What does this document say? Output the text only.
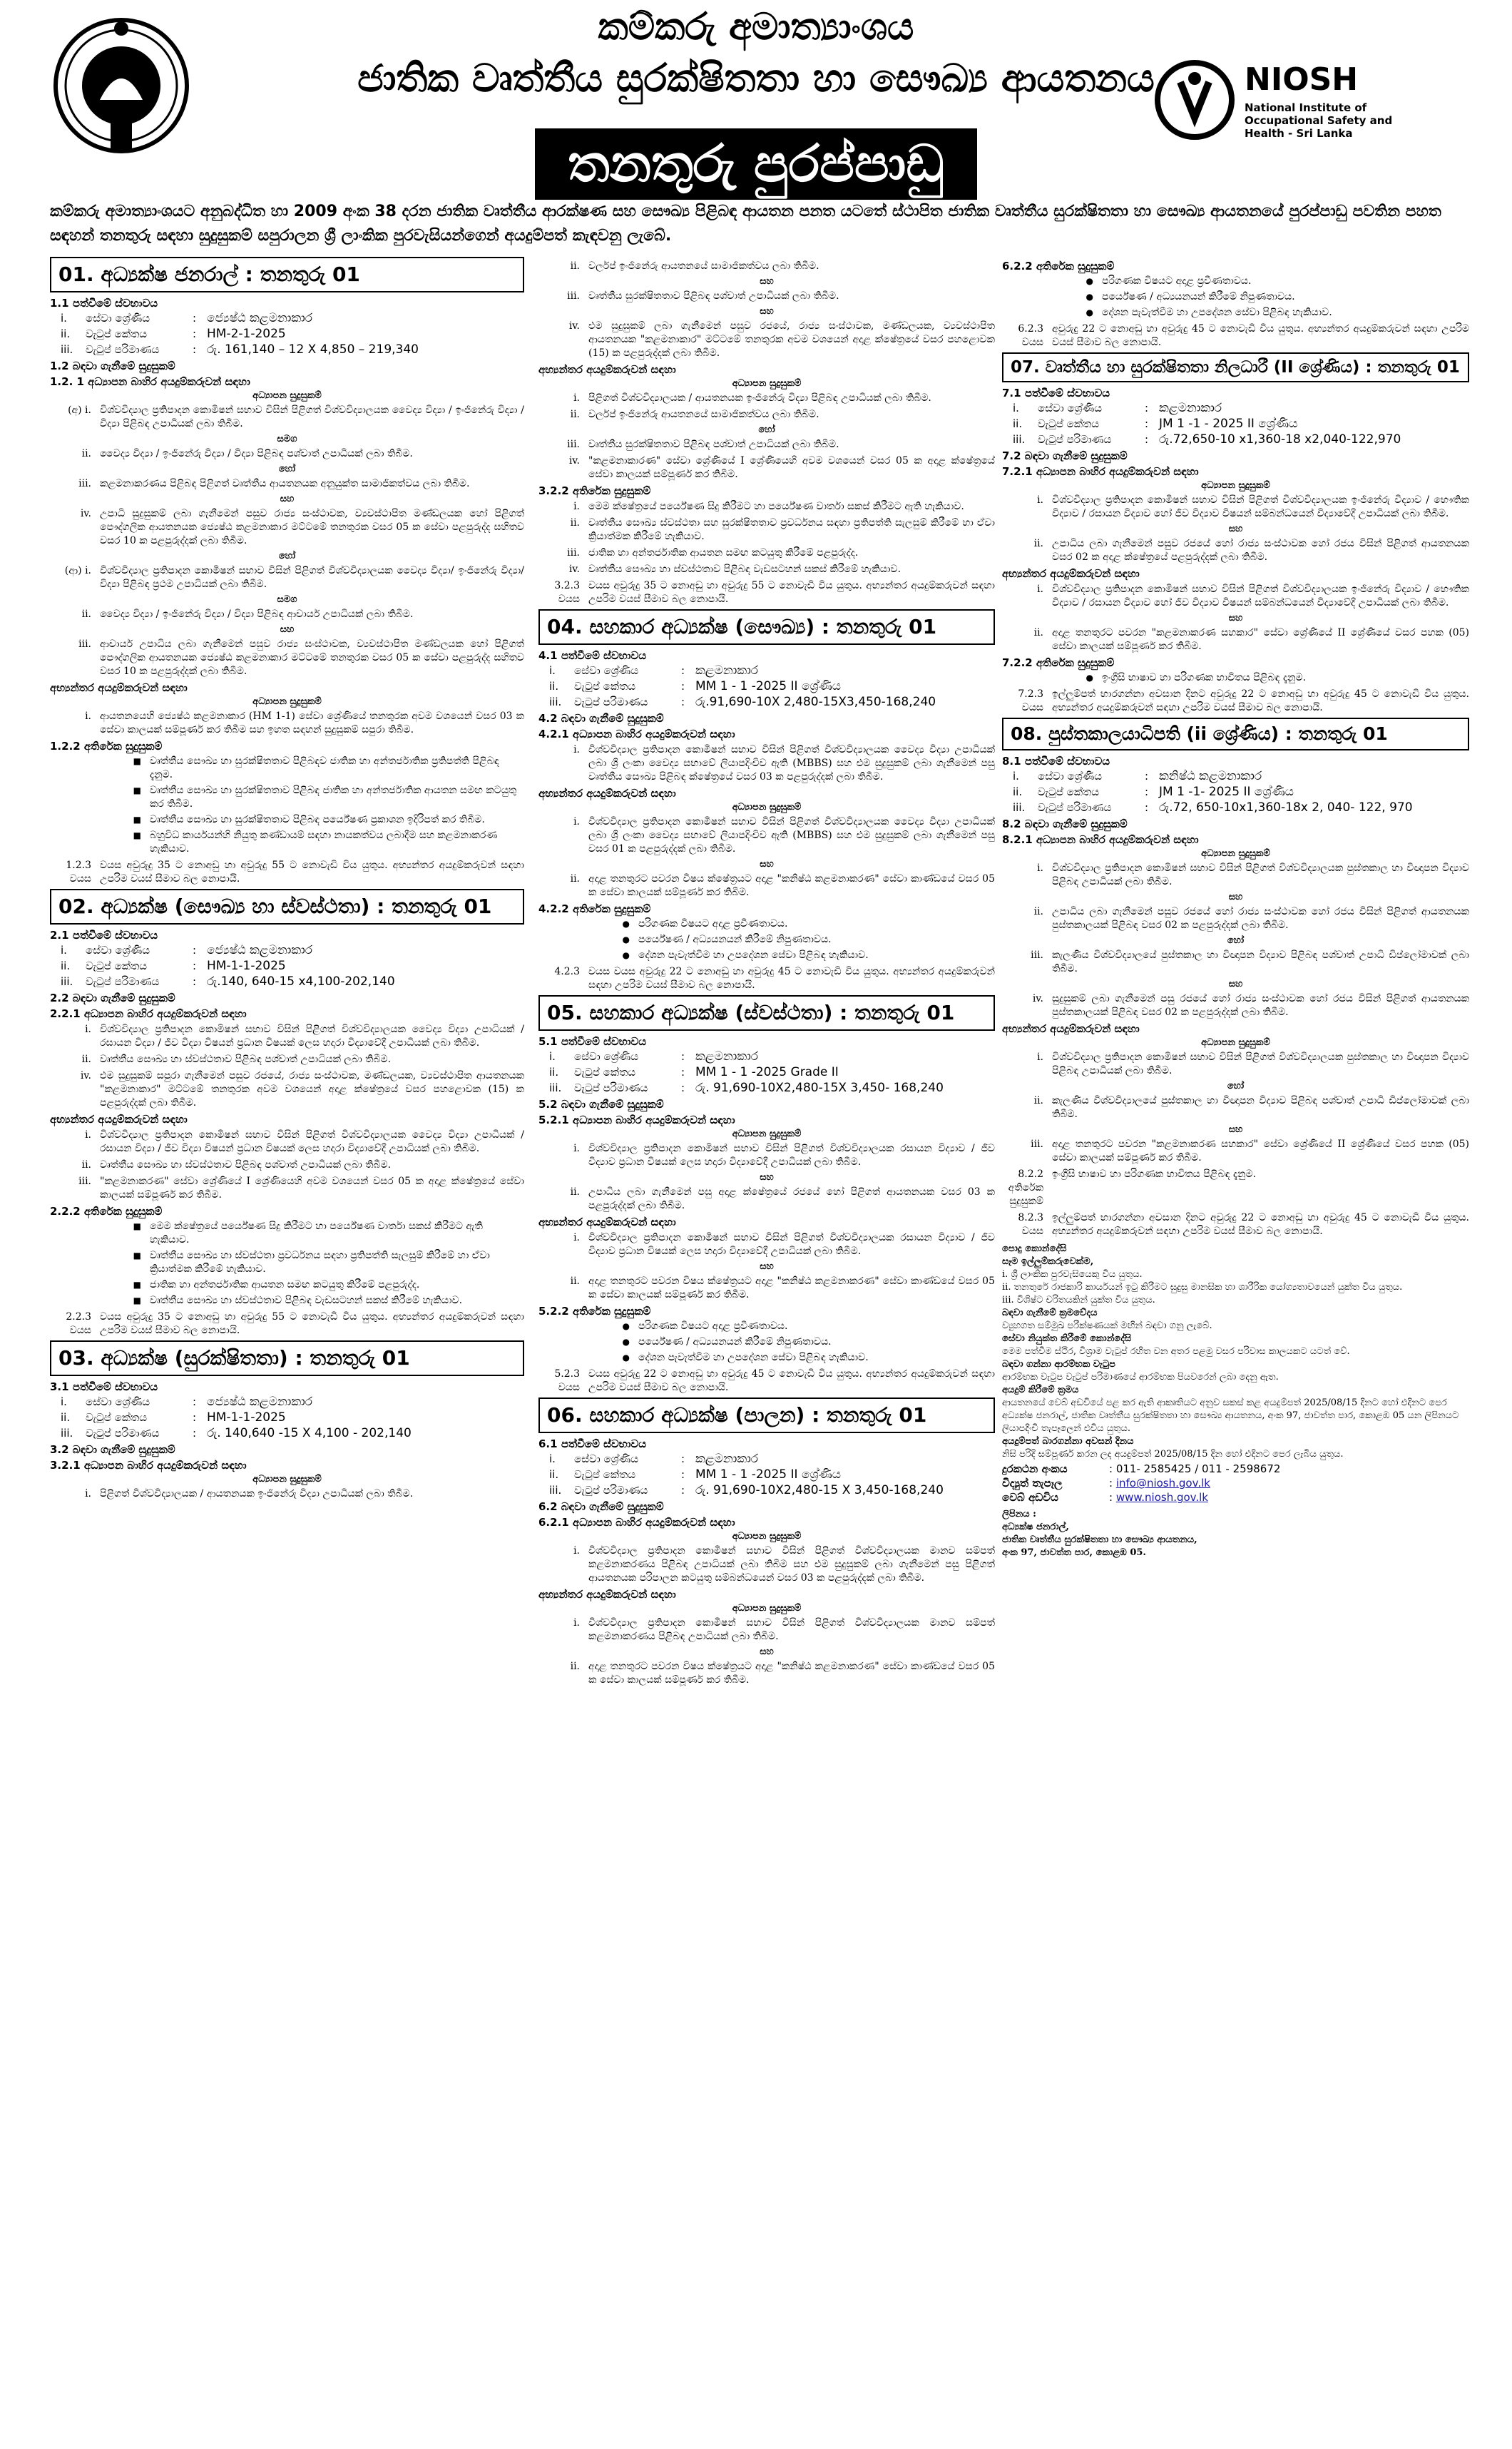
කම්කරු අමාත්‍යාංශය
ජාතික වෘත්තීය සුරක්ෂිතතා හා සෞඛ්‍ය ආයතනය
තනතුරු පුරප්පාඩු
NIOSH
National Institute of
Occupational Safety and
Health - Sri Lanka
කම්කරු අමාත්‍යාංශයට අනුබද්ධිත හා 2009 අංක 38 දරන ජාතික වෘත්තීය ආරක්ෂණ සහ සෞඛ්‍ය පිළිබඳ ආයතන පනත යටතේ ස්ථාපිත ජාතික වෘත්තීය සුරක්ෂිතතා හා සෞඛ්‍ය ආයතනයේ පුරප්පාඩු පවතින පහත සඳහන් තනතුරු සඳහා සුදුසුකම් සපුරාලන ශ්‍රී ලාංකික පුරවැසියන්ගෙන් අයදුම්පත් කැඳවනු ලැබේ.
01. අධ්‍යක්ෂ ජනරාල් : තනතුරු 01
1.1 පත්වීමේ ස්වභාවය
i.	සේවා ශ්‍රේණිය	: ජ්‍යෙෂ්ඨ කළමනාකාර
ii.	වැටුප් කේතය	: HM-2-1-2025
iii.	වැටුප් පරිමාණය	: රු. 161,140 – 12 X 4,850 – 219,340
1.2 බඳවා ගැනීමේ සුදුසුකම්
1.2. 1 අධ්‍යාපන බාහිර අයදුම්කරුවන් සඳහා
අධ්‍යාපන සුදුසුකම්
(අ) i. විශ්වවිද්‍යාල ප්‍රතිපාදන කොමිෂන් සභාව විසින් පිළිගත් විශ්වවිද්‍යාලයක වෛද්‍ය විද්‍යා / ඉංජිනේරු විද්‍යා / විද්‍යා පිළිබඳ උපාධියක් ලබා තිබීම.
සමග
ii. වෛද්‍ය විද්‍යා / ඉංජිනේරු විද්‍යා / විද්‍යා පිළිබඳ පශ්චාත් උපාධියක් ලබා තිබීම.
හෝ
iii. කළමනාකරණය පිළිබඳ පිළිගත් වෘත්තීය ආයතනයක අනුයුක්ත සාමාජිකත්වය ලබා තිබීම.
සහ
iv. උපාධි සුදුසුකම් ලබා ගැනීමෙන් පසුව රාජ්‍ය සංස්ථාවක, ව්‍යවස්ථාපිත මණ්ඩලයක හෝ පිළිගත් පෞද්ගලික ආයතනයක ජ්‍යෙෂ්ඨ කළමනාකාර මට්ටමේ තනතුරක වසර 05 ක සේවා පළපුරුද්ද සහිතව වසර 10 ක පළපුරුද්දක් ලබා තිබීම.
හෝ
(ආ) i. විශ්වවිද්‍යාල ප්‍රතිපාදන කොමිෂන් සභාව විසින් පිළිගත් විශ්වවිද්‍යාලයක වෛද්‍ය විද්‍යා/ ඉංජිනේරු විද්‍යා/ විද්‍යා පිළිබඳ ප්‍රථම උපාධියක් ලබා තිබීම.
සමග
ii. වෛද්‍ය විද්‍යා / ඉංජිනේරු විද්‍යා / විද්‍යා පිළිබඳ ආචාර්ය උපාධියක් ලබා තිබීම.
සහ
iii. ආචාර්ය උපාධිය ලබා ගැනීමෙන් පසුව රාජ්‍ය සංස්ථාවක, ව්‍යවස්ථාපිත මණ්ඩලයක හෝ පිළිගත් පෞද්ගලික ආයතනයක ජ්‍යෙෂ්ඨ කළමනාකාර මට්ටමේ තනතුරක වසර 05 ක සේවා පළපුරුද්ද සහිතව වසර 10 ක පළපුරුද්දක් ලබා තිබීම.
අභ්‍යන්තර අයදුම්කරුවන් සඳහා
අධ්‍යාපන සුදුසුකම්
i. ආයතනයෙහි ජ්‍යෙෂ්ඨ කළමනාකාර (HM 1-1) සේවා ශ්‍රේණියේ තනතුරක අවම වශයෙන් වසර 03 ක සේවා කාලයක් සම්පූර්ණ කර තිබීම සහ ඉහත සඳහන් සුදුසුකම් සපුරා තිබීම.
1.2.2 අතිරේක සුදුසුකම්
■ වෘත්තීය සෞඛ්‍ය හා සුරක්ෂිතතාව පිළිබඳව ජාතික හා අන්තර්ජාතික ප්‍රතිපත්ති පිළිබඳ දැනුම.
■ වෘත්තීය සෞඛ්‍ය හා සුරක්ෂිතතාව පිළිබඳ ජාතික හා අන්තර්ජාතික ආයතන සමඟ කටයුතු කර තිබීම.
■ වෘත්තීය සෞඛ්‍ය හා සුරක්ෂිතතාව පිළිබඳ පර්යේෂණ ප්‍රකාශන ඉදිරිපත් කර තිබීම.
■ බහුවිධ කාර්යයන්හි නියුතු කණ්ඩායම් සඳහා නායකත්වය ලබාදීම සහ කළමනාකරණ හැකියාව.
1.2.3 වයස
වයස අවුරුදු 35 ට නොඅඩු හා අවුරුදු 55 ට නොවැඩි විය යුතුය. අභ්‍යන්තර අයදුම්කරුවන් සඳහා උපරිම වයස් සීමාව බල නොපායි.
02. අධ්‍යක්ෂ (සෞඛ්‍ය හා ස්වස්ථතා) : තනතුරු 01
2.1 පත්වීමේ ස්වභාවය
i.	සේවා ශ්‍රේණිය	: ජ්‍යෙෂ්ඨ කළමනාකාර
ii.	වැටුප් කේතය	: HM-1-1-2025
iii.	වැටුප් පරිමාණය	: රු.140, 640-15 x4,100-202,140
2.2 බඳවා ගැනීමේ සුදුසුකම්
2.2.1 අධ්‍යාපන බාහිර අයදුම්කරුවන් සඳහා
i. විශ්වවිද්‍යාල ප්‍රතිපාදන කොමිෂන් සභාව විසින් පිළිගත් විශ්වවිද්‍යාලයක වෛද්‍ය විද්‍යා උපාධියක් / රසායන විද්‍යා / ජීව විද්‍යා විෂයන් ප්‍රධාන විෂයක් ලෙස හදාරා විද්‍යාවේදී උපාධියක් ලබා තිබීම.
ii. වෘත්තීය සෞඛ්‍ය හා ස්වස්ථතාව පිළිබඳ පශ්චාත් උපාධියක් ලබා තිබීම.
iv. එම සුදුසුකම් සපුරා ගැනීමෙන් පසුව රජයේ, රාජ්‍ය සංස්ථාවක, මණ්ඩලයක, ව්‍යවස්ථාපිත ආයතනයක "කළමනාකාර" මට්ටමේ තනතුරක අවම වශයෙන් අදාළ ක්ෂේත්‍රයේ වසර පහළොවක (15) ක පළපුරුද්දක් ලබා තිබීම.
අභ්‍යන්තර අයදුම්කරුවන් සඳහා
i. විශ්වවිද්‍යාල ප්‍රතිපාදන කොමිෂන් සභාව විසින් පිළිගත් විශ්වවිද්‍යාලයක වෛද්‍ය විද්‍යා උපාධියක් / රසායන විද්‍යා / ජීව විද්‍යා විෂයන් ප්‍රධාන විෂයක් ලෙස හදාරා විද්‍යාවේදී උපාධියක් ලබා තිබීම.
ii. වෘත්තීය සෞඛ්‍ය හා ස්වස්ථතාව පිළිබඳ පශ්චාත් උපාධියක් ලබා තිබීම.
iii. "කළමනාකරණ" සේවා ශ්‍රේණියේ I ශ්‍රේණියෙහි අවම වශයෙන් වසර 05 ක අදාළ ක්ෂේත්‍රයේ සේවා කාලයක් සම්පූර්ණ කර තිබීම.
2.2.2 අතිරේක සුදුසුකම්
■ මෙම ක්ෂේත්‍රයේ පර්යේෂණ සිදු කිරීමට හා පර්යේෂණ වාර්තා සකස් කිරීමට ඇති හැකියාව.
■ වෘත්තීය සෞඛ්‍ය හා ස්වස්ථතා ප්‍රවර්ධනය සඳහා ප්‍රතිපත්ති සැලසුම් කිරීමේ හා ඒවා ක්‍රියාත්මක කිරීමේ හැකියාව.
■ ජාතික හා අන්තර්ජාතික ආයතන සමඟ කටයුතු කිරීමේ පළපුරුද්ද.
■ වෘත්තීය සෞඛ්‍ය හා ස්වස්ථතාව පිළිබඳ වැඩසටහන් සකස් කිරීමේ හැකියාව.
2.2.3 වයස
වයස අවුරුදු 35 ට නොඅඩු හා අවුරුදු 55 ට නොවැඩි විය යුතුය. අභ්‍යන්තර අයදුම්කරුවන් සඳහා උපරිම වයස් සීමාව බල නොපායි.
03. අධ්‍යක්ෂ (සුරක්ෂිතතා) : තනතුරු 01
3.1 පත්වීමේ ස්වභාවය
i.	සේවා ශ්‍රේණිය	: ජ්‍යෙෂ්ඨ කළමනාකාර
ii.	වැටුප් කේතය	: HM-1-1-2025
iii.	වැටුප් පරිමාණය	: රු. 140,640 -15 X 4,100 - 202,140
3.2 බඳවා ගැනීමේ සුදුසුකම්
3.2.1 අධ්‍යාපන බාහිර අයදුම්කරුවන් සඳහා
අධ්‍යාපන සුදුසුකම්
i. පිළිගත් විශ්වවිද්‍යාලයක / ආයතනයක ඉංජිනේරු විද්‍යා උපාධියක් ලබා තිබීම.
ii. වර්ලප් ඉංජිනේරු ආයතනයේ සාමාජිකත්වය ලබා තිබීම.
සහ
iii. වෘත්තීය සුරක්ෂිතතාව පිළිබඳ පශ්චාත් උපාධියක් ලබා තිබීම.
සහ
iv. එම සුදුසුකම් ලබා ගැනීමෙන් පසුව රජයේ, රාජ්‍ය සංස්ථාවක, මණ්ඩලයක, ව්‍යවස්ථාපිත ආයතනයක "කළමනාකාර" මට්ටමේ තනතුරක අවම වශයෙන් අදාළ ක්ෂේත්‍රයේ වසර පහළොවක (15) ක පළපුරුද්දක් ලබා තිබීම.
අභ්‍යන්තර අයදුම්කරුවන් සඳහා
අධ්‍යාපන සුදුසුකම්
i. පිළිගත් විශ්වවිද්‍යාලයක / ආයතනයක ඉංජිනේරු විද්‍යා පිළිබඳ උපාධියක් ලබා තිබීම.
ii. වර්ලප් ඉංජිනේරු ආයතනයේ සාමාජිකත්වය ලබා තිබීම.
හෝ
iii. වෘත්තීය සුරක්ෂිතතාව පිළිබඳ පශ්චාත් උපාධියක් ලබා තිබීම.
iv. "කළමනාකාරණ" සේවා ශ්‍රේණියේ I ශ්‍රේණියෙහි අවම වශයෙන් වසර 05 ක අදාළ ක්ෂේත්‍රයේ සේවා කාලයක් සම්පූර්ණ කර තිබීම.
3.2.2 අතිරේක සුදුසුකම්
i. මෙම ක්ෂේත්‍රයේ පර්යේෂණ සිදු කිරීමට හා පර්යේෂණ වාර්තා සකස් කිරීමට ඇති හැකියාව.
ii. වෘත්තීය සෞඛ්‍ය ස්වස්ථතා සහ සුරක්ෂිතතාව ප්‍රවර්ධනය සඳහා ප්‍රතිපත්ති සැලසුම් කිරීමේ හා ඒවා ක්‍රියාත්මක කිරීමේ හැකියාව.
iii. ජාතික හා අන්තර්ජාතික ආයතන සමඟ කටයුතු කිරීමේ පළපුරුද්ද.
iv. වෘත්තීය සෞඛ්‍ය හා ස්වස්ථතාව පිළිබඳ වැඩසටහන් සකස් කිරීමේ හැකියාව.
3.2.3 වයස
වයස අවුරුදු 35 ට නොඅඩු හා අවුරුදු 55 ට නොවැඩි විය යුතුය. අභ්‍යන්තර අයදුම්කරුවන් සඳහා උපරිම වයස් සීමාව බල නොපායි.
04. සහකාර අධ්‍යක්ෂ (සෞඛ්‍ය) : තනතුරු 01
4.1 පත්වීමේ ස්වභාවය
i.	සේවා ශ්‍රේණිය	: කළමනාකාර
ii.	වැටුප් කේතය	: MM 1 - 1 -2025 II ශ්‍රේණිය
iii.	වැටුප් පරිමාණය	: රු.91,690-10X 2,480-15X3,450-168,240
4.2 බඳවා ගැනීමේ සුදුසුකම්
4.2.1 අධ්‍යාපන බාහිර අයදුම්කරුවන් සඳහා
i. විශ්වවිද්‍යාල ප්‍රතිපාදන කොමිෂන් සභාව විසින් පිළිගත් විශ්වවිද්‍යාලයක වෛද්‍ය විද්‍යා උපාධියක් ලබා ශ්‍රී ලංකා වෛද්‍ය සභාවේ ලියාපදිංචිව ඇති (MBBS) සහ එම සුදුසුකම් ලබා ගැනීමෙන් පසු වෘත්තීය සෞඛ්‍ය පිළිබඳ ක්ෂේත්‍රයේ වසර 03 ක පළපුරුද්දක් ලබා තිබීම.
අභ්‍යන්තර අයදුම්කරුවන් සඳහා
අධ්‍යාපන සුදුසුකම්
i. විශ්වවිද්‍යාල ප්‍රතිපාදන කොමිෂන් සභාව විසින් පිළිගත් විශ්වවිද්‍යාලයක වෛද්‍ය විද්‍යා උපාධියක් ලබා ශ්‍රී ලංකා වෛද්‍ය සභාවේ ලියාපදිංචිව ඇති (MBBS) සහ එම සුදුසුකම් ලබා ගැනීමෙන් පසු වසර 01 ක පළපුරුද්දක් ලබා තිබීම.
සහ
ii. අදාළ තනතුරට පවරන විෂය ක්ෂේත්‍රයට අදාළ "කනිෂ්ඨ කළමනාකරණ" සේවා කාණ්ඩයේ වසර 05 ක සේවා කාලයක් සම්පූර්ණ කර තිබීම.
4.2.2 අතිරේක සුදුසුකම්
● පරිගණක විෂයට අදාළ ප්‍රවීණතාවය.
● පර්යේෂණ / අධ්‍යයනයන් කිරීමේ නිපුණතාවය.
● දේශන පැවැත්වීම හා උපදේශන සේවා පිළිබඳ හැකියාව.
4.2.3 වයස වයස අවුරුදු 22 ට නොඅඩු හා අවුරුදු 45 ට නොවැඩි විය යුතුය. අභ්‍යන්තර අයදුම්කරුවන් සඳහා උපරිම වයස් සීමාව බල නොපායි.
05. සහකාර අධ්‍යක්ෂ (ස්වස්ථතා) : තනතුරු 01
5.1 පත්වීමේ ස්වභාවය
i.	සේවා ශ්‍රේණිය	: කළමනාකාර
ii.	වැටුප් කේතය	: MM 1 - 1 -2025 Grade II
iii.	වැටුප් පරිමාණය	: රු. 91,690-10X2,480-15X 3,450- 168,240
5.2 බඳවා ගැනීමේ සුදුසුකම්
5.2.1 අධ්‍යාපන බාහිර අයදුම්කරුවන් සඳහා
අධ්‍යාපන සුදුසුකම්
i. විශ්වවිද්‍යාල ප්‍රතිපාදන කොමිෂන් සභාව විසින් පිළිගත් විශ්වවිද්‍යාලයක රසායන විද්‍යාව / ජීව විද්‍යාව ප්‍රධාන විෂයක් ලෙස හදාරා විද්‍යාවේදී උපාධියක් ලබා තිබීම.
සහ
ii. උපාධිය ලබා ගැනීමෙන් පසු අදාළ ක්ෂේත්‍රයේ රජයේ හෝ පිළිගත් ආයතනයක වසර 03 ක පළපුරුද්දක් ලබා තිබීම.
අභ්‍යන්තර අයදුම්කරුවන් සඳහා
i. විශ්වවිද්‍යාල ප්‍රතිපාදන කොමිෂන් සභාව විසින් පිළිගත් විශ්වවිද්‍යාලයක රසායන විද්‍යාව / ජීව විද්‍යාව ප්‍රධාන විෂයක් ලෙස හදාරා විද්‍යාවේදී උපාධියක් ලබා තිබීම.
සහ
ii. අදාළ තනතුරට පවරන විෂය ක්ෂේත්‍රයට අදාළ "කනිෂ්ඨ කළමනාකරණ" සේවා කාණ්ඩයේ වසර 05 ක සේවා කාලයක් සම්පූර්ණ කර තිබීම.
5.2.2 අතිරේක සුදුසුකම්
● පරිගණක විෂයට අදාළ ප්‍රවීණතාවය.
● පර්යේෂණ / අධ්‍යයනයන් කිරීමේ නිපුණතාවය.
● දේශන පැවැත්වීම හා උපදේශන සේවා පිළිබඳ හැකියාව.
5.2.3 වයස
වයස අවුරුදු 22 ට නොඅඩු හා අවුරුදු 45 ට නොවැඩි විය යුතුය. අභ්‍යන්තර අයදුම්කරුවන් සඳහා උපරිම වයස් සීමාව බල නොපායි.
06. සහකාර අධ්‍යක්ෂ (පාලන) : තනතුරු 01
6.1 පත්වීමේ ස්වභාවය
i.	සේවා ශ්‍රේණිය	: කළමනාකාර
ii.	වැටුප් කේතය	: MM 1 - 1 -2025 II ශ්‍රේණිය
iii.	වැටුප් පරිමාණය	: රු. 91,690-10X2,480-15 X 3,450-168,240
6.2 බඳවා ගැනීමේ සුදුසුකම්
6.2.1 අධ්‍යාපන බාහිර අයදුම්කරුවන් සඳහා
අධ්‍යාපන සුදුසුකම්
i. විශ්වවිද්‍යාල ප්‍රතිපාදන කොමිෂන් සභාව විසින් පිළිගත් විශ්වවිද්‍යාලයක මානව සම්පත් කළමනාකරණය පිළිබඳ උපාධියක් ලබා තිබීම සහ එම සුදුසුකම් ලබා ගැනීමෙන් පසු පිළිගත් ආයතනයක පරිපාලන කටයුතු සම්බන්ධයෙන් වසර 03 ක පළපුරුද්දක් ලබා තිබීම.
අභ්‍යන්තර අයදුම්කරුවන් සඳහා
අධ්‍යාපන සුදුසුකම්
i. විශ්වවිද්‍යාල ප්‍රතිපාදන කොමිෂන් සභාව විසින් පිළිගත් විශ්වවිද්‍යාලයක මානව සම්පත් කළමනාකරණය පිළිබඳ උපාධියක් ලබා තිබීම.
සහ
ii. අදාළ තනතුරට පවරන විෂය ක්ෂේත්‍රයට අදාළ "කනිෂ්ඨ කළමනාකරණ" සේවා කාණ්ඩයේ වසර 05 ක සේවා කාලයක් සම්පූර්ණ කර තිබීම.
6.2.2 අතිරේක සුදුසුකම්
● පරිගණක විෂයට අදාළ ප්‍රවීණතාවය.
● පර්යේෂණ / අධ්‍යයනයන් කිරීමේ නිපුණතාවය.
● දේශන පැවැත්වීම හා උපදේශන සේවා පිළිබඳ හැකියාව.
6.2.3 වයස
අවුරුදු 22 ට නොඅඩු හා අවුරුදු 45 ට නොවැඩි විය යුතුය. අභ්‍යන්තර අයදුම්කරුවන් සඳහා උපරිම වයස් සීමාව බල නොපායි.
07. වෘත්තීය හා සුරක්ෂිතතා නිලධාරී (II ශ්‍රේණිය) : තනතුරු 01
7.1 පත්වීමේ ස්වභාවය
i.	සේවා ශ්‍රේණිය	: කළමනාකාර
ii.	වැටුප් කේතය	: JM 1 -1 - 2025 II ශ්‍රේණිය
iii.	වැටුප් පරිමාණය	: රු.72,650-10 x1,360-18 x2,040-122,970
7.2 බඳවා ගැනීමේ සුදුසුකම්
7.2.1 අධ්‍යාපන බාහිර අයදුම්කරුවන් සඳහා
අධ්‍යාපන සුදුසුකම්
i. විශ්වවිද්‍යාල ප්‍රතිපාදන කොමිෂන් සභාව විසින් පිළිගත් විශ්වවිද්‍යාලයක ඉංජිනේරු විද්‍යාව / භෞතික විද්‍යාව / රසායන විද්‍යාව හෝ ජීව විද්‍යාව විෂයන් සම්බන්ධයෙන් විද්‍යාවේදී උපාධියක් ලබා තිබීම.
සහ
ii. උපාධිය ලබා ගැනීමෙන් පසුව රජයේ හෝ රාජ්‍ය සංස්ථාවක හෝ රජය විසින් පිළිගත් ආයතනයක වසර 02 ක අදාළ ක්ෂේත්‍රයේ පළපුරුද්දක් ලබා තිබීම.
අභ්‍යන්තර අයදුම්කරුවන් සඳහා
i. විශ්වවිද්‍යාල ප්‍රතිපාදන කොමිෂන් සභාව විසින් පිළිගත් විශ්වවිද්‍යාලයක ඉංජිනේරු විද්‍යාව / භෞතික විද්‍යාව / රසායන විද්‍යාව හෝ ජීව විද්‍යාව විෂයන් සම්බන්ධයෙන් විද්‍යාවේදී උපාධියක් ලබා තිබීම.
සහ
ii. අදාළ තනතුරට පවරන "කළමනාකරණ සහකාර" සේවා ශ්‍රේණියේ II ශ්‍රේණියේ වසර පහක (05) සේවා කාලයක් සම්පූර්ණ කර තිබීම.
7.2.2 අතිරේක සුදුසුකම්
● ඉංග්‍රීසි භාෂාව හා පරිගණක භාවිතය පිළිබඳ දැනුම.
7.2.3 වයස
ඉල්ලුම්පත් භාරගන්නා අවසාන දිනට අවුරුදු 22 ට නොඅඩු හා අවුරුදු 45 ට නොවැඩි විය යුතුය. අභ්‍යන්තර අයදුම්කරුවන් සඳහා උපරිම වයස් සීමාව බල නොපායි.
08. පුස්තකාලයාධිපති (ii ශ්‍රේණිය) : තනතුරු 01
8.1 පත්වීමේ ස්වභාවය
i.	සේවා ශ්‍රේණිය	: කනිෂ්ඨ කළමනාකාර
ii.	වැටුප් කේතය	: JM 1 -1- 2025 II ශ්‍රේණිය
iii.	වැටුප් පරිමාණය	: රු.72, 650-10x1,360-18x 2, 040- 122, 970
8.2 බඳවා ගැනීමේ සුදුසුකම්
8.2.1 අධ්‍යාපන බාහිර අයදුම්කරුවන් සඳහා
අධ්‍යාපන සුදුසුකම්
i. විශ්වවිද්‍යාල ප්‍රතිපාදන කොමිෂන් සභාව විසින් පිළිගත් විශ්වවිද්‍යාලයක පුස්තකාල හා විඥාපන විද්‍යාව පිළිබඳ උපාධියක් ලබා තිබීම.
සහ
ii. උපාධිය ලබා ගැනීමෙන් පසුව රජයේ හෝ රාජ්‍ය සංස්ථාවක හෝ රජය විසින් පිළිගත් ආයතනයක පුස්තකාලයක් පිළිබඳ වසර 02 ක පළපුරුද්දක් ලබා තිබීම.
හෝ
iii. කැලණිය විශ්වවිද්‍යාලයේ පුස්තකාල හා විඥාපන විද්‍යාව පිළිබඳ පශ්චාත් උපාධි ඩිප්ලෝමාවක් ලබා තිබීම.
සහ
iv. සුදුසුකම් ලබා ගැනීමෙන් පසු රජයේ හෝ රාජ්‍ය සංස්ථාවක හෝ රජය විසින් පිළිගත් ආයතනයක පුස්තකාලයක් පිළිබඳ වසර 02 ක පළපුරුද්දක් ලබා තිබීම.
අභ්‍යන්තර අයදුම්කරුවන් සඳහා
අධ්‍යාපන සුදුසුකම්
i. විශ්වවිද්‍යාල ප්‍රතිපාදන කොමිෂන් සභාව විසින් පිළිගත් විශ්වවිද්‍යාලයක පුස්තකාල හා විඥාපන විද්‍යාව පිළිබඳ උපාධියක් ලබා තිබීම.
හෝ
ii. කැලණිය විශ්වවිද්‍යාලයේ පුස්තකාල හා විඥාපන විද්‍යාව පිළිබඳ පශ්චාත් උපාධි ඩිප්ලෝමාවක් ලබා තිබීම.
සහ
iii. අදාළ තනතුරට පවරන "කළමනාකරණ සහකාර" සේවා ශ්‍රේණියේ II ශ්‍රේණියේ වසර පහක (05) සේවා කාලයක් සම්පූර්ණ කර තිබීම.
8.2.2 අතිරේක සුදුසුකම්
ඉංග්‍රීසි භාෂාව හා පරිගණක භාවිතය පිළිබඳ දැනුම.
8.2.3 වයස
ඉල්ලුම්පත් භාරගන්නා අවසාන දිනට අවුරුදු 22 ට නොඅඩු හා අවුරුදු 45 ට නොවැඩි විය යුතුය. අභ්‍යන්තර අයදුම්කරුවන් සඳහා උපරිම වයස් සීමාව බල නොපායි.
පොදු කොන්දේසි
සෑම ඉල්ලුම්කරුවෙක්ම,
i. ශ්‍රී ලාංකික පුරවැසියෙකු විය යුතුය.
ii. තනතුරේ රාජකාරි කාර්යයන් ඉටු කිරීමට සුදුසු මානසික හා ශාරීරික යෝග්‍යතාවයෙන් යුක්ත විය යුතුය.
iii. විශිෂ්ට චරිතයකින් යුක්ත විය යුතුය.
බඳවා ගැනීමේ ක්‍රමවේදය
ව්‍යුහගත සම්මුඛ පරීක්ෂණයක් මඟින් බඳවා ගනු ලැබේ.
සේවා නියුක්ත කිරීමේ කොන්දේසි
මෙම පත්වීම ස්ථිර, විශ්‍රාම වැටුප් රහිත වන අතර පළමු වසර පරිවාස කාලයකට යටත් වේ.
බඳවා ගන්නා ආරම්භක වැටුප
ආරම්භක වැටුප වැටුප් පරිමාණයේ ආරම්භක පියවරෙන් ලබා දෙනු ඇත.
අයදුම් කිරීමේ ක්‍රමය
ආයතනයේ වෙබ් අඩවියේ පළ කර ඇති ආකෘතියට අනුව සකස් කළ අයදුම්පත් 2025/08/15 දිනට හෝ එදිනට පෙර අධ්‍යක්ෂ ජනරාල්, ජාතික වෘත්තීය සුරක්ෂිතතා හා සෞඛ්‍ය ආයතනය, අංක 97, ජාවත්ත පාර, කොළඹ 05 යන ලිපිනයට ලියාපදිංචි තැපෑලෙන් එවිය යුතුය.
අයදුම්පත් බාරගන්නා අවසන් දිනය
නිසි පරිදි සම්පූර්ණ කරන ලද අයදුම්පත් 2025/08/15 දින හෝ එදිනට පෙර ලැබිය යුතුය.
දුරකථන අංකය	: 011- 2585425 / 011 - 2598672
විද්‍යුත් තැපෑල	: info@niosh.gov.lk
වෙබ් අඩවිය	: www.niosh.gov.lk
ලිපිනය :
අධ්‍යක්ෂ ජනරාල්,
ජාතික වෘත්තීය සුරක්ෂිතතා හා සෞඛ්‍ය ආයතනය,
අංක 97, ජාවත්ත පාර, කොළඹ 05.
